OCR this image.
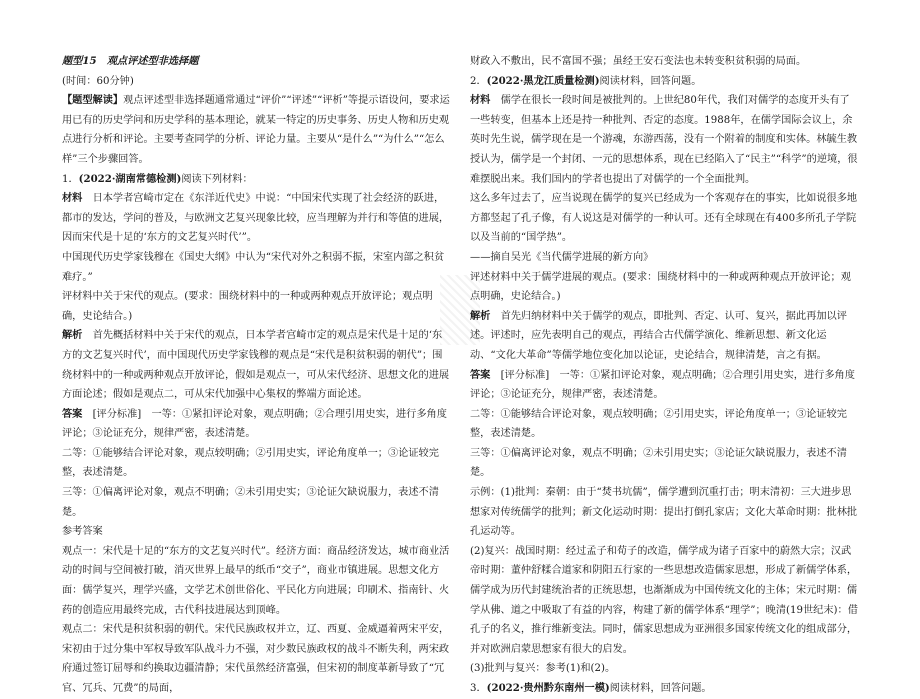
题型15　观点评述型非选择题

(时间：60分钟)

【题型解读】观点评述型非选择题通常通过“评价”“评述”“评析”等提示语设问，要求运用已有的历史学问和历史学科的基本理论，就某一特定的历史事务、历史人物和历史观点进行分析和评论。主要考查同学的分析、评论力量。主要从“是什么”“为什么”“怎么样”三个步骤回答。

1．(2022·湖南常德检测)阅读下列材料：

材料　 日本学者宫崎市定在《东洋近代史》中说：“中国宋代实现了社会经济的跃进，都市的发达，学问的普及，与欧洲文艺复兴现象比较，应当理解为并行和等值的进展，因而宋代是十足的‘东方的文艺复兴时代’”。

中国现代历史学家钱穆在《国史大纲》中认为“宋代对外之积弱不振，宋室内部之积贫难疗。”

评材料中关于宋代的观点。(要求：围绕材料中的一种或两种观点开放评论；观点明确，史论结合。)

解析　 首先概括材料中关于宋代的观点，日本学者宫崎市定的观点是宋代是十足的‘东方的文艺复兴时代’，而中国现代历史学家钱穆的观点是“宋代是积贫积弱的朝代”；围绕材料中的一种或两种观点开放评论，假如是观点一，可从宋代经济、思想文化的进展方面论述；假如是观点二，可从宋代加强中心集权的弊端方面论述。

答案　 [评分标准]　一等：①紧扣评论对象，观点明确；②合理引用史实，进行多角度评论；③论证充分，规律严密，表述清楚。

二等：①能够结合评论对象，观点较明确；②引用史实，评论角度单一；③论证较完整，表述清楚。

三等：①偏离评论对象，观点不明确；②未引用史实；③论证欠缺说服力，表述不清楚。

参考答案

观点一：宋代是十足的“东方的文艺复兴时代”。经济方面：商品经济发达，城市商业活动的时间与空间被打破，消灭世界上最早的纸币“交子”，商业市镇进展。思想文化方面：儒学复兴，理学兴盛，文学艺术创世俗化、平民化方向进展；印刷术、指南针、火药的创造应用最终完成，古代科技进展达到顶峰。

观点二：宋代是积贫积弱的朝代。宋代民族政权并立，辽、西夏、金威逼着两宋平安，宋初由于过分集中军权导致军队战斗力不强，对少数民族政权的战斗不断失利，两宋政府通过签订屈辱和约换取边疆清静；宋代虽然经济富强，但宋初的制度革新导致了“冗官、冗兵、冗费”的局面，

财政入不敷出，民不富国不强；虽经王安石变法也未转变积贫积弱的局面。

2．(2022·黑龙江质量检测)阅读材料，回答问题。

材料　 儒学在很长一段时间是被批判的。上世纪80年代，我们对儒学的态度开头有了一些转变，但基本上还是持一种批判、否定的态度。1988年，在儒学国际会议上，余英时先生说，儒学现在是一个游魂，东游西荡，没有一个附着的制度和实体。林毓生教授认为，儒学是一个封闭、一元的思想体系，现在已经陷入了“民主”“科学”的逆境，很难摆脱出来。我们国内的学者也提出了对儒学的一个全面批判。

这么多年过去了，应当说现在儒学的复兴已经成为一个客观存在的事实，比如说很多地方都竖起了孔子像，有人说这是对儒学的一种认可。还有全球现在有400多所孔子学院以及当前的“国学热”。

——摘自吴光《当代儒学进展的新方向》

评述材料中关于儒学进展的观点。(要求：围绕材料中的一种或两种观点开放评论；观点明确，史论结合。)

解析　 首先归纳材料中关于儒学的观点，即批判、否定、认可、复兴，据此再加以评述。评述时，应先表明自己的观点，再结合古代儒学演化、维新思想、新文化运动、“文化大革命”等儒学地位变化加以论证，史论结合，规律清楚，言之有据。

答案　 [评分标准]　一等：①紧扣评论对象，观点明确；②合理引用史实，进行多角度评论；③论证充分，规律严密，表述清楚。

二等：①能够结合评论对象，观点较明确；②引用史实，评论角度单一；③论证较完整，表述清楚。

三等：①偏离评论对象，观点不明确；②未引用史实；③论证欠缺说服力，表述不清楚。

示例：(1)批判：秦朝：由于“焚书坑儒”，儒学遭到沉重打击；明末清初：三大进步思想家对传统儒学的批判；新文化运动时期：提出打倒孔家店；文化大革命时期：批林批孔运动等。

(2)复兴：战国时期：经过孟子和荀子的改造，儒学成为诸子百家中的蔚然大宗；汉武帝时期：董仲舒糅合道家和阴阳五行家的一些思想改造儒家思想，形成了新儒学体系，儒学成为历代封建统治者的正统思想，也渐渐成为中国传统文化的主体；宋元时期：儒学从佛、道之中吸取了有益的内容，构建了新的儒学体系“理学”；晚清(19世纪末)：借孔子的名义，推行维新变法。同时，儒家思想成为亚洲很多国家传统文化的组成部分，并对欧洲启蒙思想家有很大的启发。

(3)批判与复兴：参考(1)和(2)。

3．(2022·贵州黔东南州一模)阅读材料，回答问题。
